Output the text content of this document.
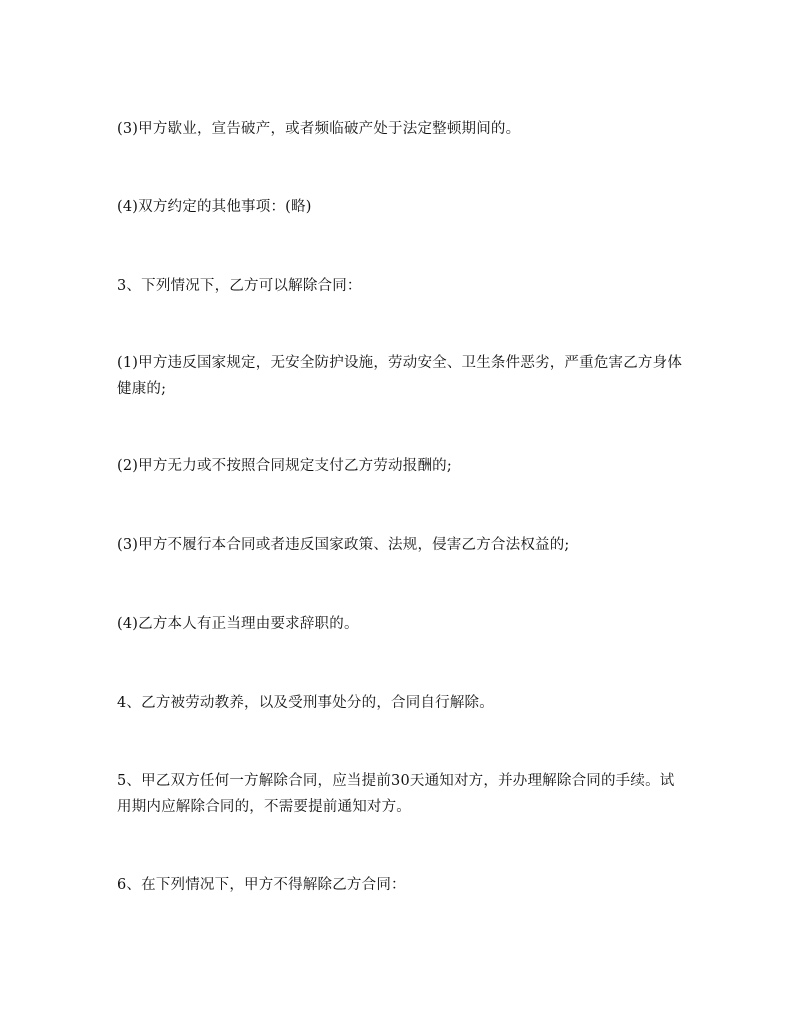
(3)甲方歇业，宣告破产，或者频临破产处于法定整顿期间的。

(4)双方约定的其他事项：(略)

3、下列情况下，乙方可以解除合同：

(1)甲方违反国家规定，无安全防护设施，劳动安全、卫生条件恶劣，严重危害乙方身体健康的;

(2)甲方无力或不按照合同规定支付乙方劳动报酬的;

(3)甲方不履行本合同或者违反国家政策、法规，侵害乙方合法权益的;

(4)乙方本人有正当理由要求辞职的。

4、乙方被劳动教养，以及受刑事处分的，合同自行解除。

5、甲乙双方任何一方解除合同，应当提前30天通知对方，并办理解除合同的手续。试用期内应解除合同的，不需要提前通知对方。

6、在下列情况下，甲方不得解除乙方合同：
